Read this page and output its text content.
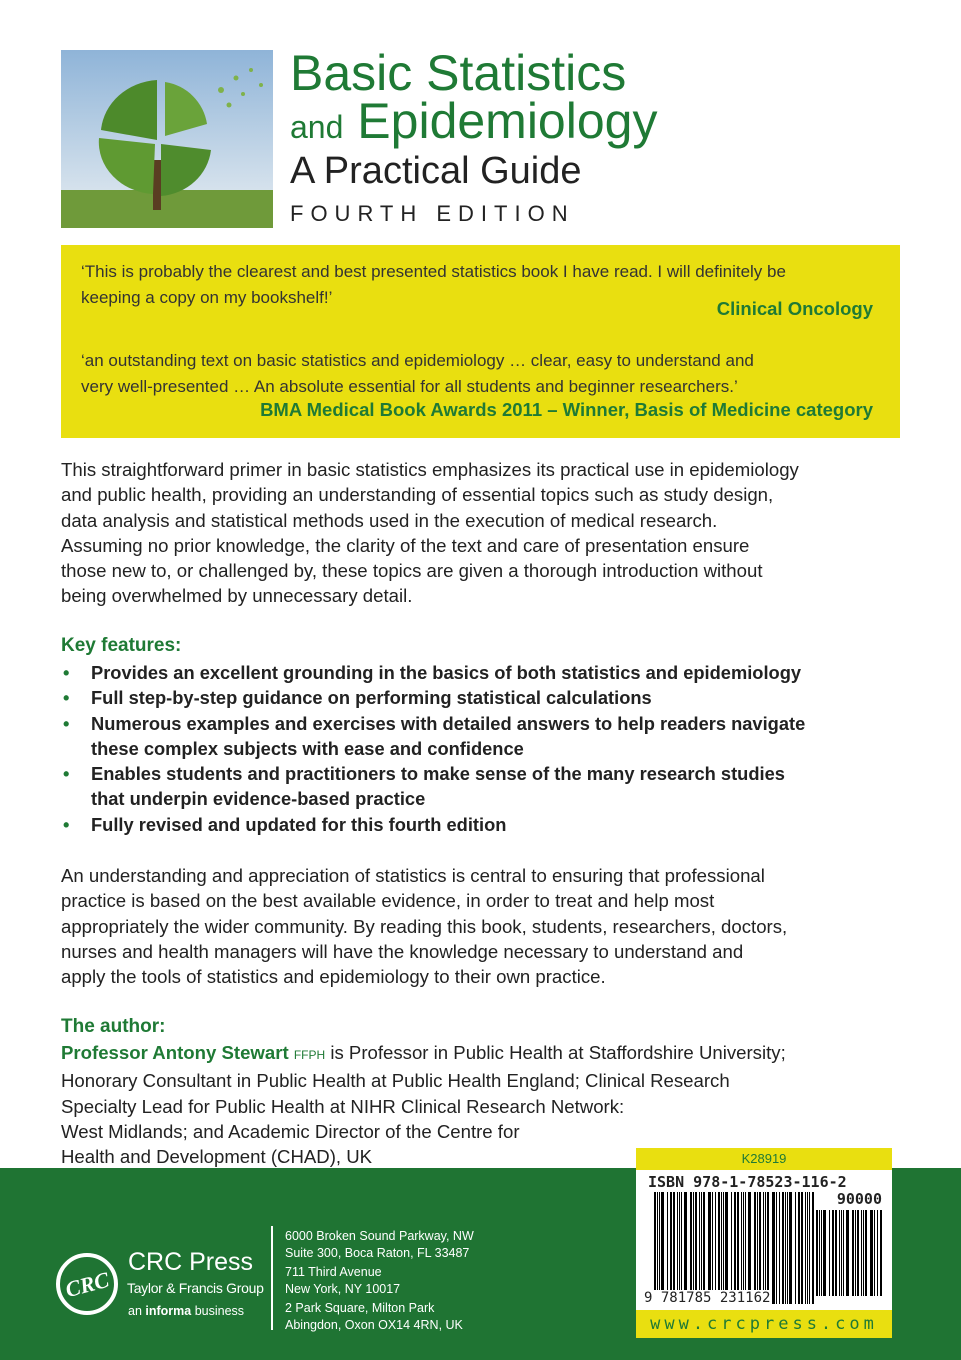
Basic Statistics
and Epidemiology
A Practical Guide
FOURTH EDITION
‘This is probably the clearest and best presented statistics book I have read. I will definitely be
keeping a copy on my bookshelf!’
Clinical Oncology
‘an outstanding text on basic statistics and epidemiology … clear, easy to understand and
very well-presented … An absolute essential for all students and beginner researchers.’
BMA Medical Book Awards 2011 – Winner, Basis of Medicine category
This straightforward primer in basic statistics emphasizes its practical use in epidemiology
and public health, providing an understanding of essential topics such as study design,
data analysis and statistical methods used in the execution of medical research.
Assuming no prior knowledge, the clarity of the text and care of presentation ensure
those new to, or challenged by, these topics are given a thorough introduction without
being overwhelmed by unnecessary detail.
Key features:
• Provides an excellent grounding in the basics of both statistics and epidemiology
• Full step-by-step guidance on performing statistical calculations
• Numerous examples and exercises with detailed answers to help readers navigate
these complex subjects with ease and confidence
• Enables students and practitioners to make sense of the many research studies
that underpin evidence-based practice
• Fully revised and updated for this fourth edition
An understanding and appreciation of statistics is central to ensuring that professional
practice is based on the best available evidence, in order to treat and help most
appropriately the wider community. By reading this book, students, researchers, doctors,
nurses and health managers will have the knowledge necessary to understand and
apply the tools of statistics and epidemiology to their own practice.
The author:
Professor Antony Stewart FFPH is Professor in Public Health at Staffordshire University;
Honorary Consultant in Public Health at Public Health England; Clinical Research
Specialty Lead for Public Health at NIHR Clinical Research Network:
West Midlands; and Academic Director of the Centre for
Health and Development (CHAD), UK
CRC
CRC Press
Taylor & Francis Group
an informa business
6000 Broken Sound Parkway, NW
Suite 300, Boca Raton, FL 33487
711 Third Avenue
New York, NY 10017
2 Park Square, Milton Park
Abingdon, Oxon OX14 4RN, UK
K28919
ISBN 978-1-78523-116-2
90000
9 781785 231162
www.crcpress.com
